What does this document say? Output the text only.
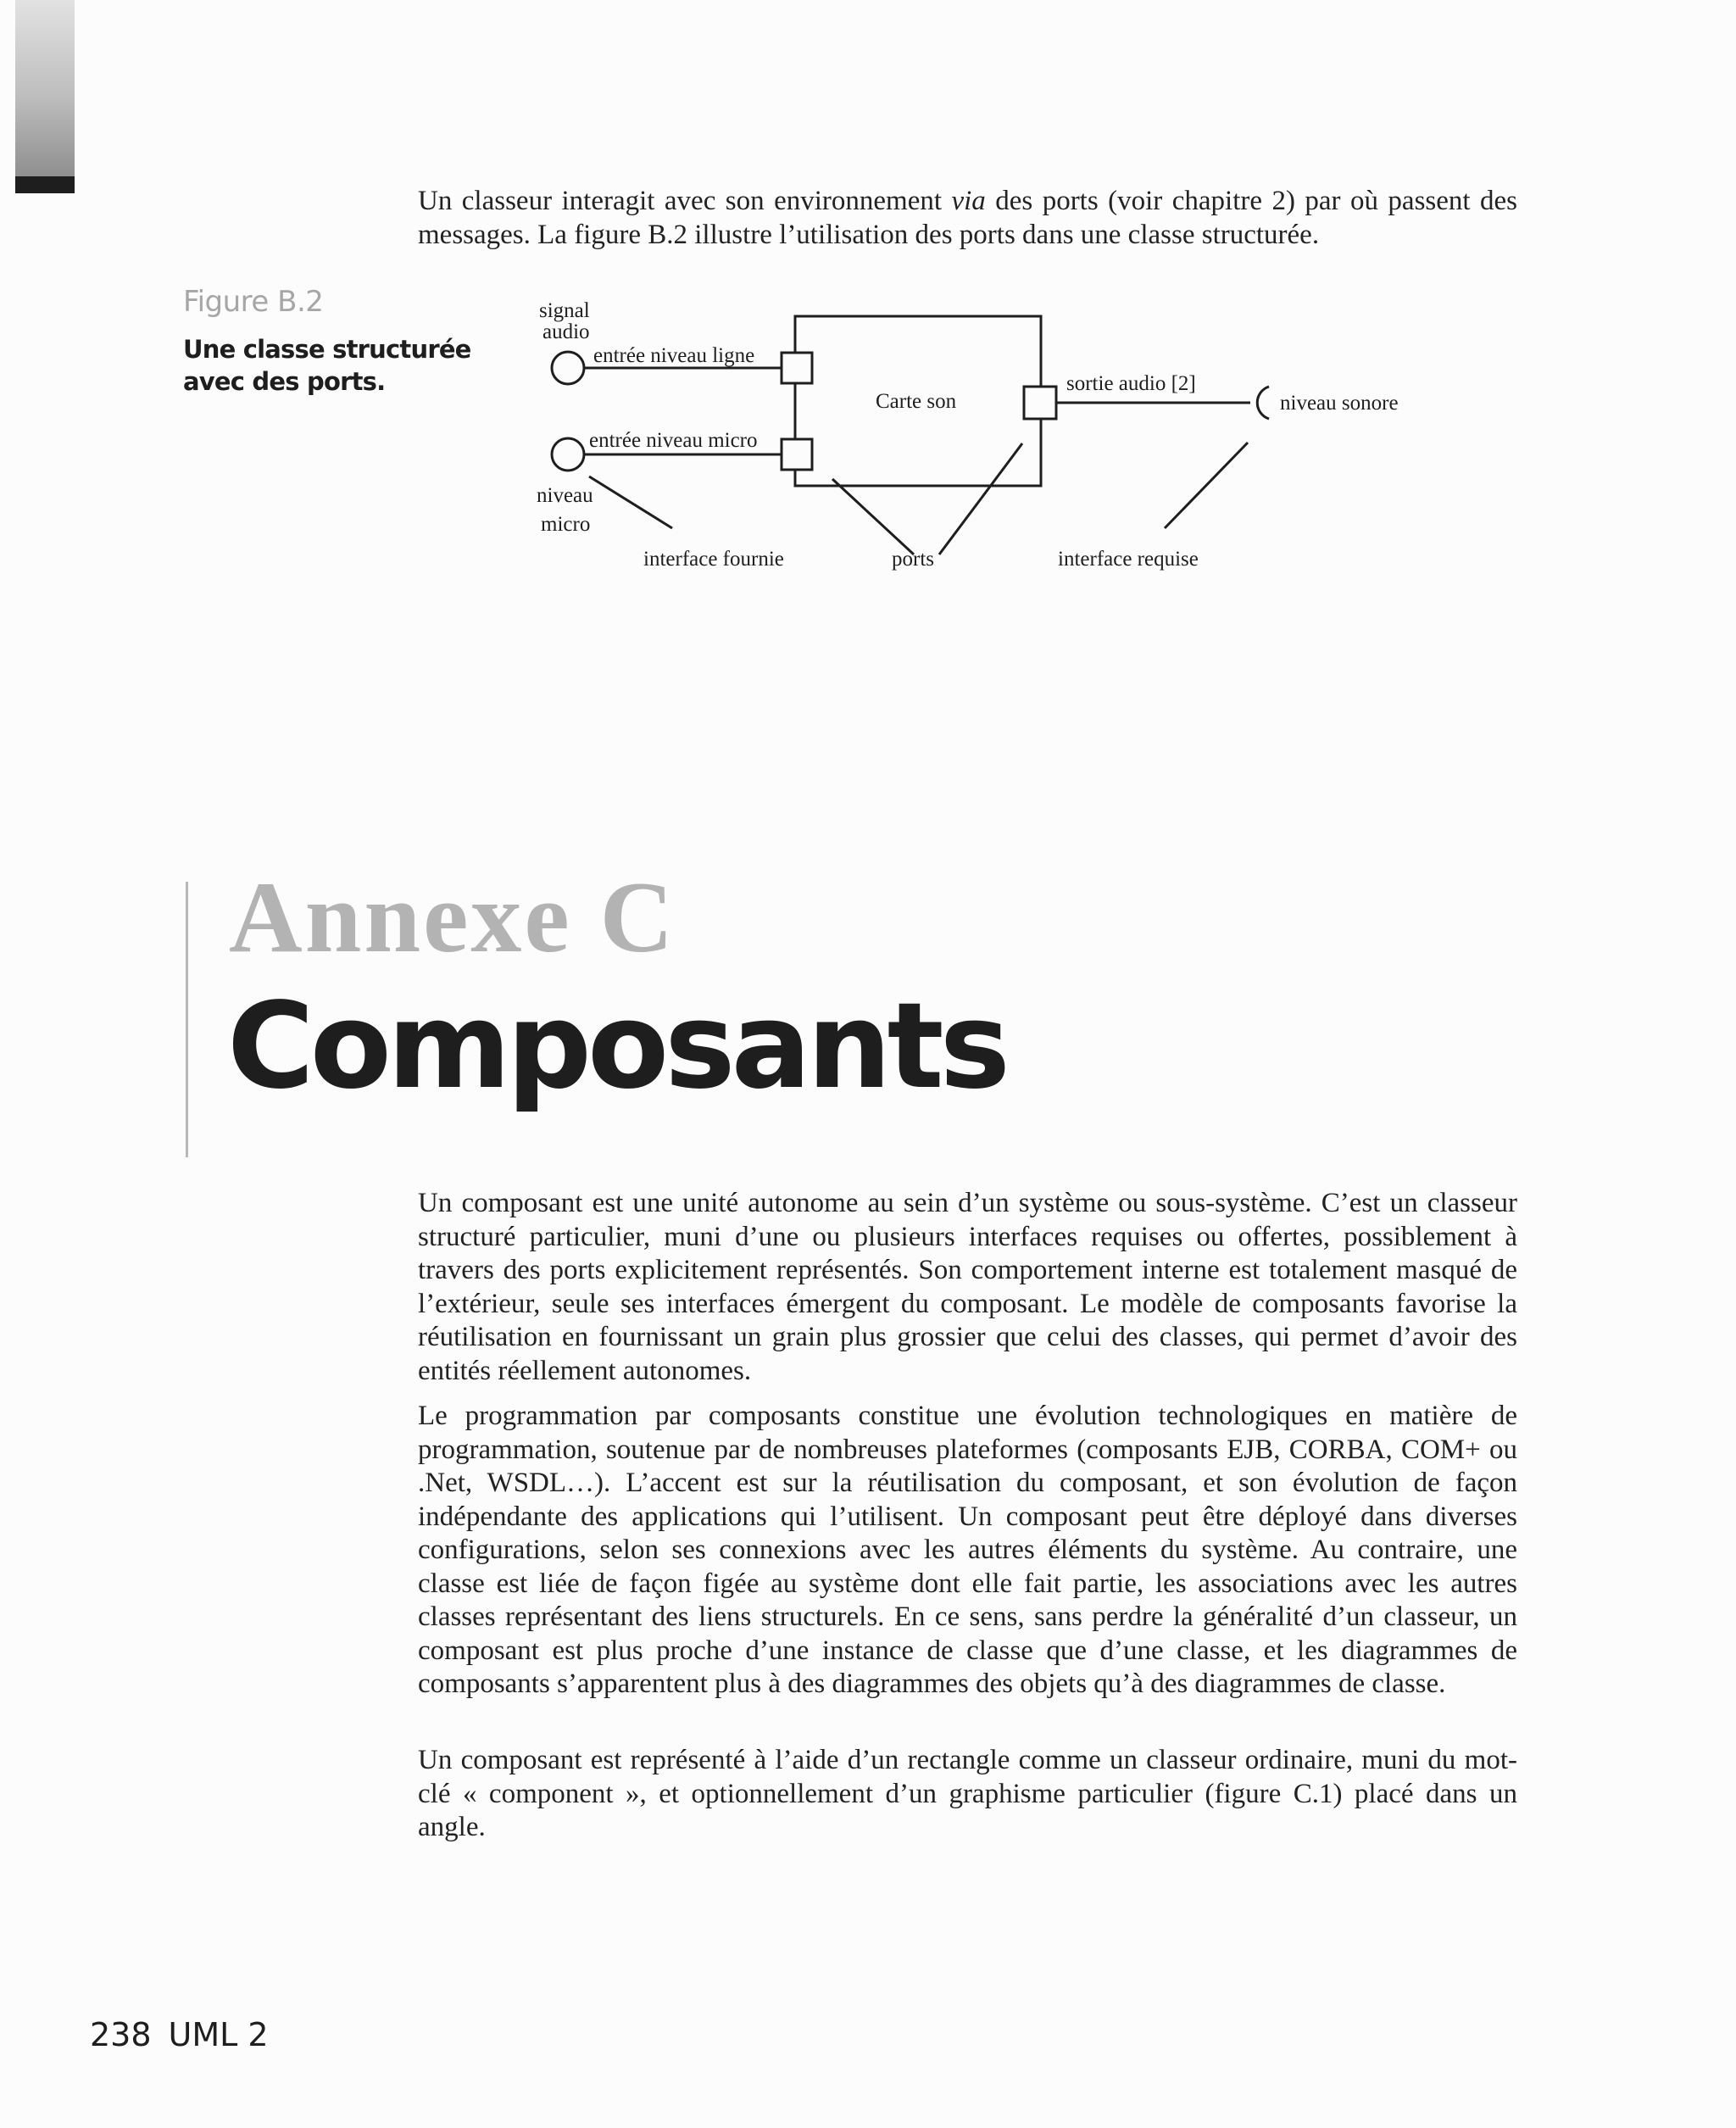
Un classeur interagit avec son environnement via des ports (voir chapitre 2) par où passent des messages. La figure B.2 illustre l’utilisation des ports dans une classe structurée.

Figure B.2
Une classe structurée avec des ports.
signal
audio
entrée niveau ligne
Carte son
sortie audio [2]
niveau sonore
entrée niveau micro
niveau
micro
interface fournie	ports	interface requise
Annexe C
Composants

Un composant est une unité autonome au sein d’un système ou sous-système. C’est un classeur structuré particulier, muni d’une ou plusieurs interfaces requises ou offertes, possiblement à travers des ports explicitement représentés. Son comportement interne est totalement masqué de l’extérieur, seule ses interfaces émergent du composant. Le modèle de composants favorise la réutilisation en fournissant un grain plus grossier que celui des classes, qui permet d’avoir des entités réellement autonomes.

Le programmation par composants constitue une évolution technologiques en matière de programmation, soutenue par de nombreuses plateformes (composants EJB, CORBA, COM+ ou .Net, WSDL…). L’accent est sur la réutilisation du composant, et son évolution de façon indépendante des applications qui l’utilisent. Un composant peut être déployé dans diverses configurations, selon ses connexions avec les autres éléments du système. Au contraire, une classe est liée de façon figée au système dont elle fait partie, les associations avec les autres classes représentant des liens structurels. En ce sens, sans perdre la généralité d’un classeur, un composant est plus proche d’une instance de classe que d’une classe, et les diagrammes de composants s’apparentent plus à des diagrammes des objets qu’à des diagrammes de classe.

Un composant est représenté à l’aide d’un rectangle comme un classeur ordinaire, muni du mot-clé « component », et optionnellement d’un graphisme particulier (figure C.1) placé dans un angle.

238 UML 2
